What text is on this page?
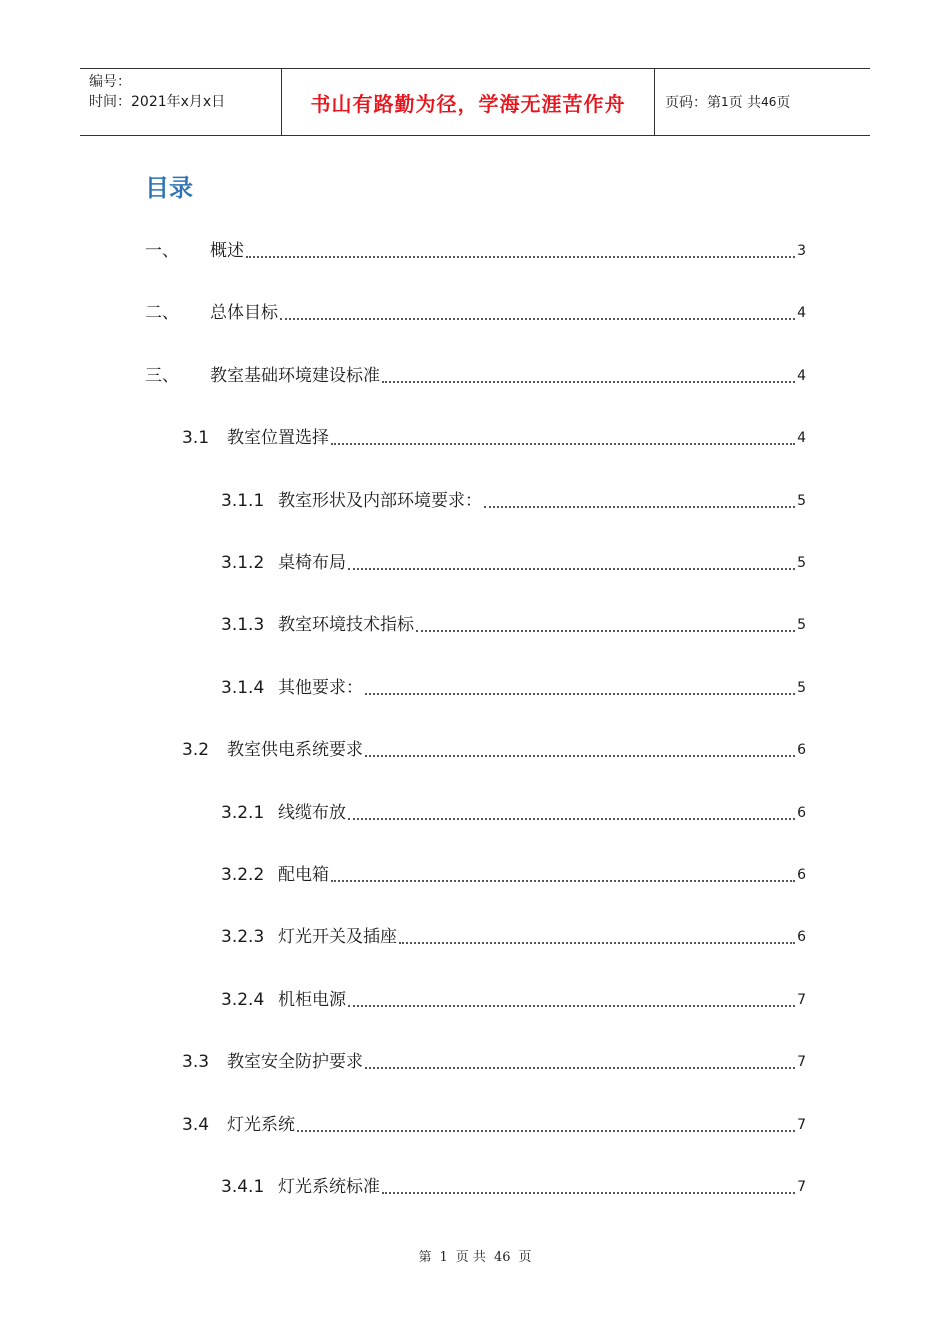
编号：
时间：2021年x月x日	书山有路勤为径，学海无涯苦作舟	页码：第 1 页 共 46 页
目录
一、	概述	3
二、	总体目标	4
三、	教室基础环境建设标准	4
3.1	教室位置选择	4
3.1.1 教室形状及内部环境要求：	5
3.1.2 桌椅布局	5
3.1.3 教室环境技术指标	5
3.1.4 其他要求：	5
3.2	教室供电系统要求	6
3.2.1 线缆布放	6
3.2.2 配电箱	6
3.2.3 灯光开关及插座	6
3.2.4 机柜电源	7
3.3	教室安全防护要求	7
3.4	灯光系统	7
3.4.1 灯光系统标准	7
第 1 页 共 46 页
